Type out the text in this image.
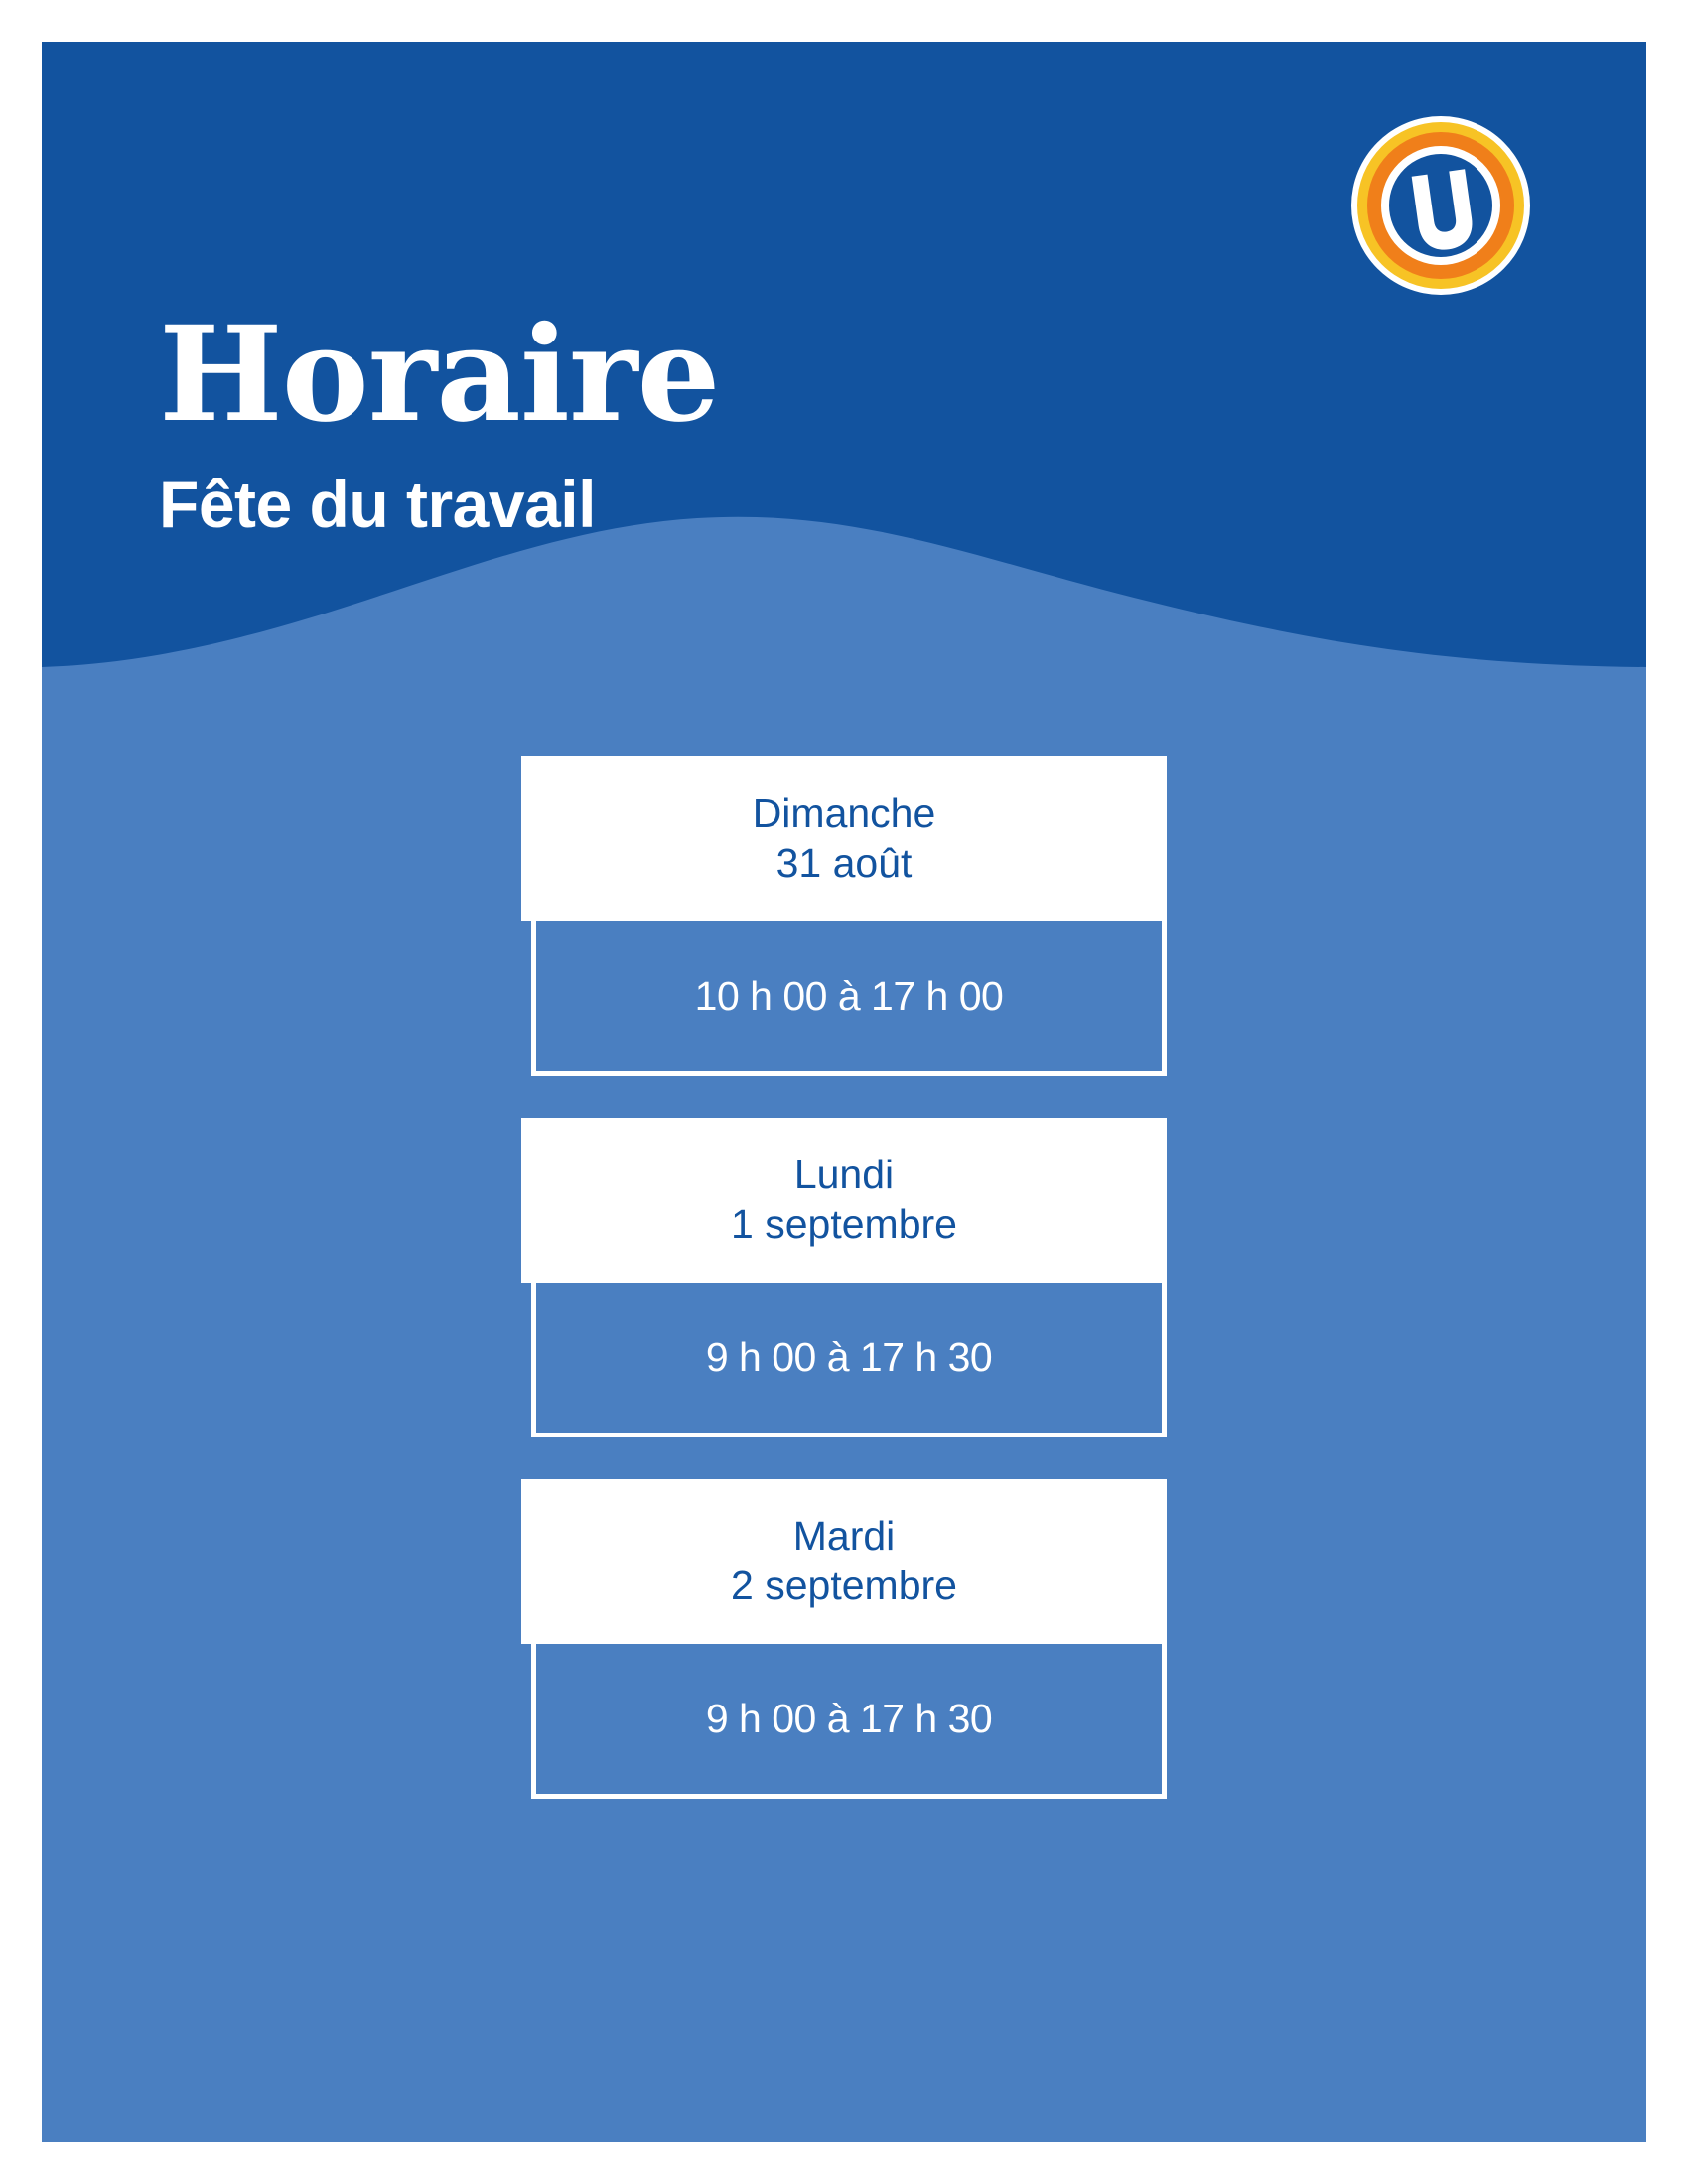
Horaire
Fête du travail
Dimanche
31 août
10 h 00 à 17 h 00
Lundi
1 septembre
9 h 00 à 17 h 30
Mardi
2 septembre
9 h 00 à 17 h 30
